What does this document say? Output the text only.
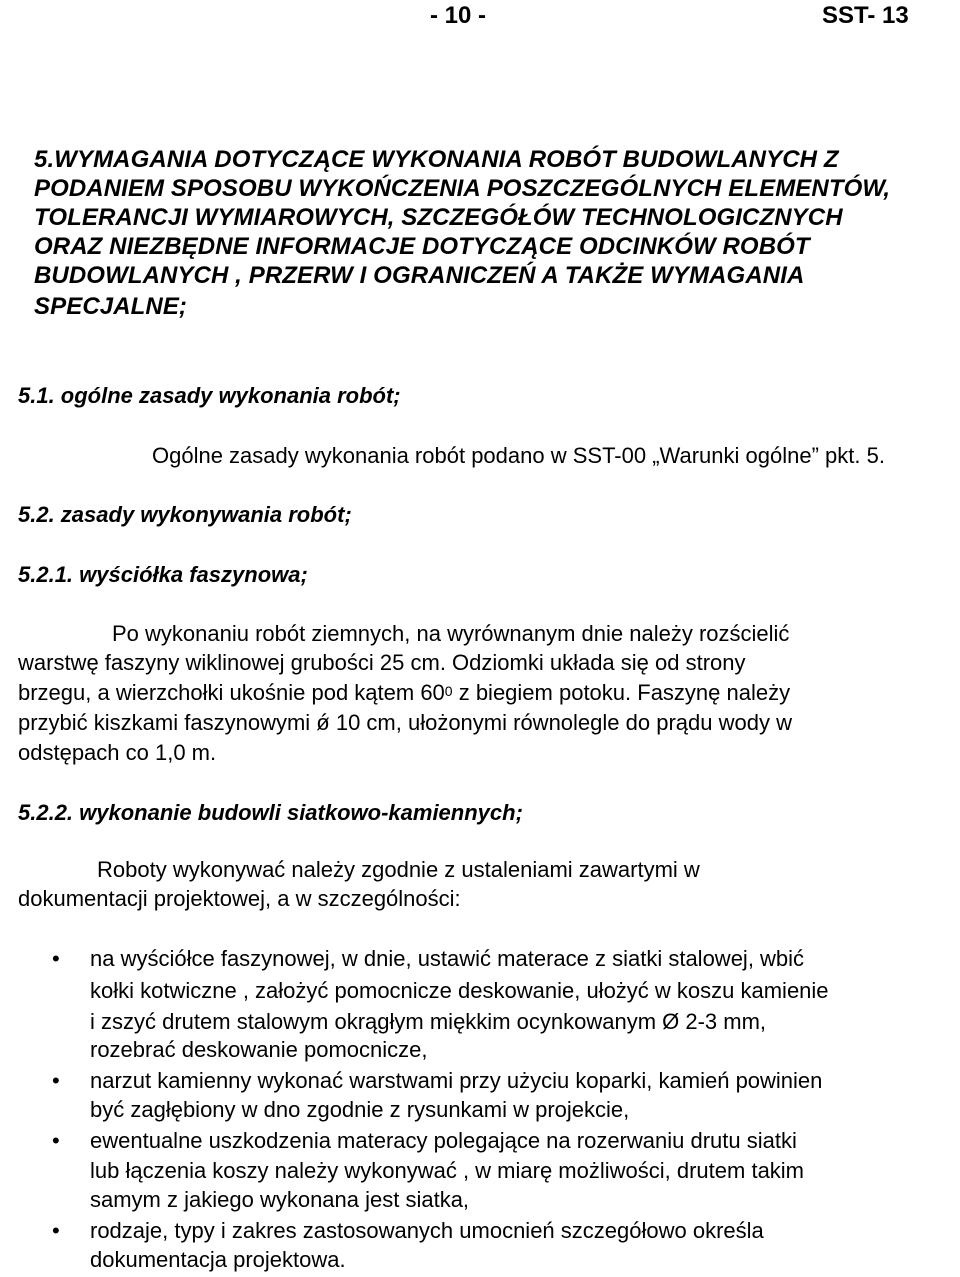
- 10 -	SST- 13
5.WYMAGANIA DOTYCZĄCE WYKONANIA ROBÓT BUDOWLANYCH Z
PODANIEM SPOSOBU WYKOŃCZENIA POSZCZEGÓLNYCH ELEMENTÓW,
TOLERANCJI WYMIAROWYCH, SZCZEGÓŁÓW TECHNOLOGICZNYCH
ORAZ NIEZBĘDNE INFORMACJE DOTYCZĄCE ODCINKÓW ROBÓT
BUDOWLANYCH , PRZERW I OGRANICZEŃ A TAKŻE WYMAGANIA
SPECJALNE;
5.1. ogólne zasady wykonania robót;
Ogólne zasady wykonania robót podano w SST-00 „Warunki ogólne” pkt. 5.
5.2. zasady wykonywania robót;
5.2.1. wyściółka faszynowa;
Po wykonaniu robót ziemnych, na wyrównanym dnie należy rozścielić
warstwę faszyny wiklinowej grubości 25 cm. Odziomki układa się od strony
brzegu, a wierzchołki ukośnie pod kątem $60^0$ z biegiem potoku. Faszynę należy
przybić kiszkami faszynowymi ǿ 10 cm, ułożonymi równolegle do prądu wody w
odstępach co 1,0 m.
5.2.2. wykonanie budowli siatkowo-kamiennych;
Roboty wykonywać należy zgodnie z ustaleniami zawartymi w
dokumentacji projektowej, a w szczególności:
• na wyściółce faszynowej, w dnie, ustawić materace z siatki stalowej, wbić
kołki kotwiczne , założyć pomocnicze deskowanie, ułożyć w koszu kamienie
i zszyć drutem stalowym okrągłym miękkim ocynkowanym Ø 2-3 mm,
rozebrać deskowanie pomocnicze,
• narzut kamienny wykonać warstwami przy użyciu koparki, kamień powinien
być zagłębiony w dno zgodnie z rysunkami w projekcie,
• ewentualne uszkodzenia materacy polegające na rozerwaniu drutu siatki
lub łączenia koszy należy wykonywać , w miarę możliwości, drutem takim
samym z jakiego wykonana jest siatka,
• rodzaje, typy i zakres zastosowanych umocnień szczegółowo określa
dokumentacja projektowa.
